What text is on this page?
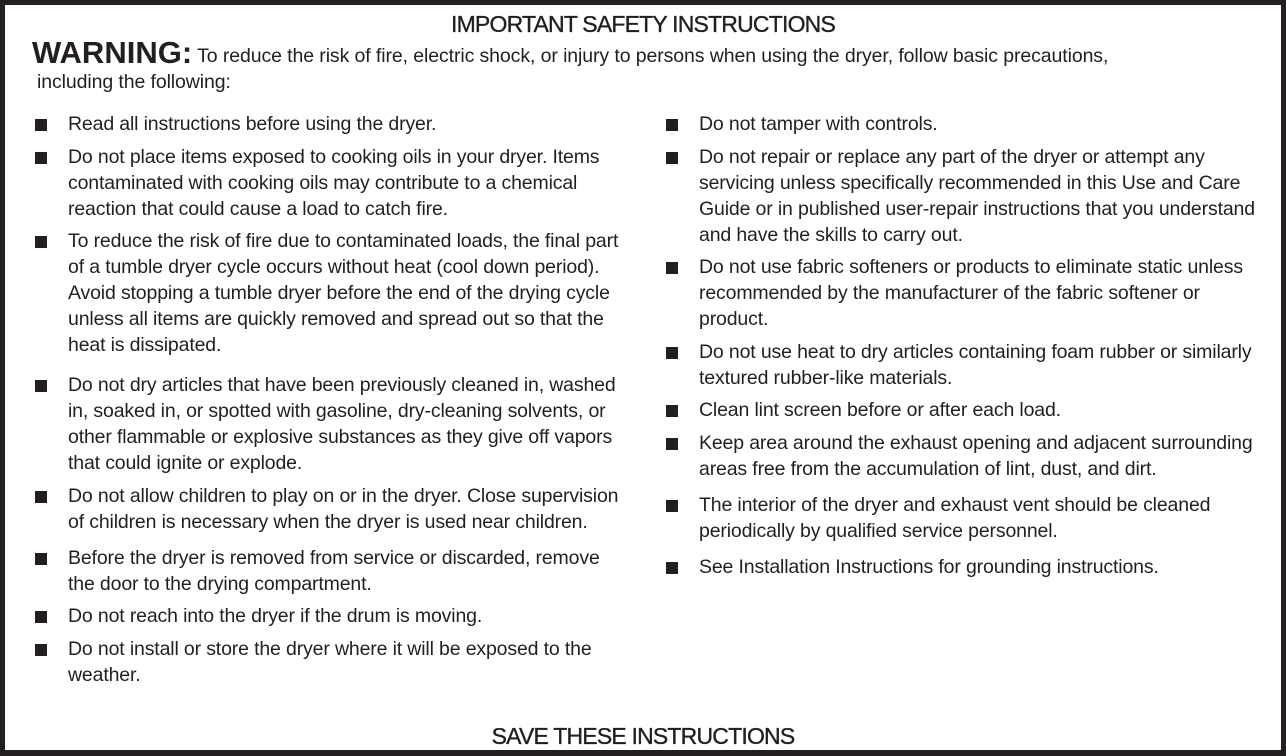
IMPORTANT SAFETY INSTRUCTIONS
WARNING: To reduce the risk of fire, electric shock, or injury to persons when using the dryer, follow basic precautions,
including the following:
Read all instructions before using the dryer.
Do not place items exposed to cooking oils in your dryer. Items contaminated with cooking oils may contribute to a chemical reaction that could cause a load to catch fire.
To reduce the risk of fire due to contaminated loads, the final part of a tumble dryer cycle occurs without heat (cool down period). Avoid stopping a tumble dryer before the end of the drying cycle unless all items are quickly removed and spread out so that the heat is dissipated.
Do not dry articles that have been previously cleaned in, washed in, soaked in, or spotted with gasoline, dry-cleaning solvents, or other flammable or explosive substances as they give off vapors that could ignite or explode.
Do not allow children to play on or in the dryer. Close supervision of children is necessary when the dryer is used near children.
Before the dryer is removed from service or discarded, remove the door to the drying compartment.
Do not reach into the dryer if the drum is moving.
Do not install or store the dryer where it will be exposed to the weather.
Do not tamper with controls.
Do not repair or replace any part of the dryer or attempt any servicing unless specifically recommended in this Use and Care Guide or in published user-repair instructions that you understand and have the skills to carry out.
Do not use fabric softeners or products to eliminate static unless recommended by the manufacturer of the fabric softener or product.
Do not use heat to dry articles containing foam rubber or similarly textured rubber-like materials.
Clean lint screen before or after each load.
Keep area around the exhaust opening and adjacent surrounding areas free from the accumulation of lint, dust, and dirt.
The interior of the dryer and exhaust vent should be cleaned periodically by qualified service personnel.
See Installation Instructions for grounding instructions.
SAVE THESE INSTRUCTIONS
